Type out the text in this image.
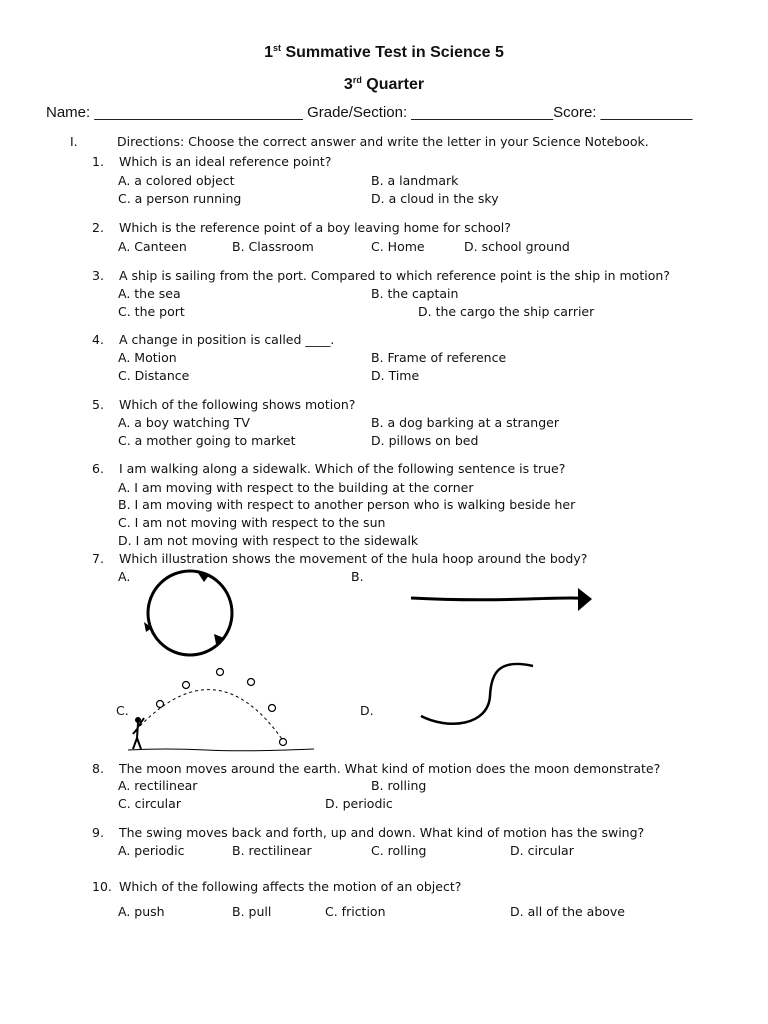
1st Summative Test in Science 5
3rd Quarter
Name: _________________________ Grade/Section: _________________Score: ___________
I.	Directions: Choose the correct answer and write the letter in your Science Notebook.
1. Which is an ideal reference point?
A. a colored object	B. a landmark
C. a person running	D. a cloud in the sky
2. Which is the reference point of a boy leaving home for school?
A. Canteen	B. Classroom	C. Home	D. school ground
3. A ship is sailing from the port. Compared to which reference point is the ship in motion?
A. the sea	B. the captain
C. the port	D. the cargo the ship carrier
4. A change in position is called ____.
A. Motion	B. Frame of reference
C. Distance	D. Time
5. Which of the following shows motion?
A. a boy watching TV	B. a dog barking at a stranger
C. a mother going to market	D. pillows on bed
6. I am walking along a sidewalk. Which of the following sentence is true?
A. I am moving with respect to the building at the corner
B. I am moving with respect to another person who is walking beside her
C. I am not moving with respect to the sun
D. I am not moving with respect to the sidewalk
7. Which illustration shows the movement of the hula hoop around the body?
A.	B.
C.	D.
8. The moon moves around the earth. What kind of motion does the moon demonstrate?
A. rectilinear	B. rolling
C. circular	D. periodic
9. The swing moves back and forth, up and down. What kind of motion has the swing?
A. periodic	B. rectilinear	C. rolling	D. circular
10. Which of the following affects the motion of an object?
A. push	B. pull	C. friction	D. all of the above
